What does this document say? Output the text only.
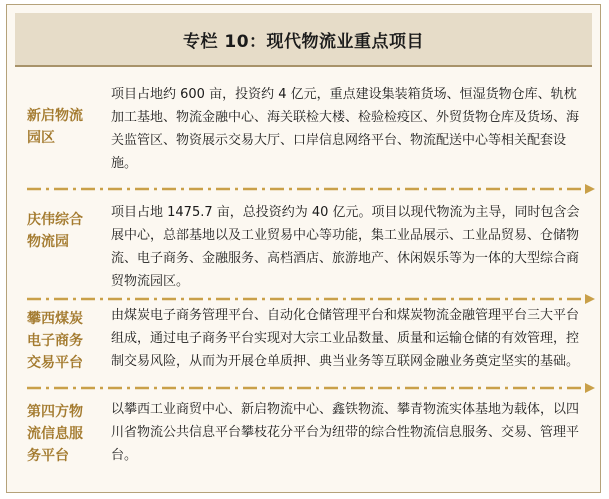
专栏 10：现代物流业重点项目
新启物流园区
项目占地约 600 亩，投资约 4 亿元，重点建设集装箱货场、恒湿货物仓库、轨枕加工基地、物流金融中心、海关联检大楼、检验检疫区、外贸货物仓库及货场、海关监管区、物资展示交易大厅、口岸信息网络平台、物流配送中心等相关配套设施。
庆伟综合物流园
项目占地 1475.7 亩，总投资约为 40 亿元。项目以现代物流为主导，同时包含会展中心，总部基地以及工业贸易中心等功能，集工业品展示、工业品贸易、仓储物流、电子商务、金融服务、高档酒店、旅游地产、休闲娱乐等为一体的大型综合商贸物流园区。
攀西煤炭电子商务交易平台
由煤炭电子商务管理平台、自动化仓储管理平台和煤炭物流金融管理平台三大平台组成，通过电子商务平台实现对大宗工业品数量、质量和运输仓储的有效管理，控制交易风险，从而为开展仓单质押、典当业务等互联网金融业务奠定坚实的基础。
第四方物流信息服务平台
以攀西工业商贸中心、新启物流中心、鑫铁物流、攀青物流实体基地为载体，以四川省物流公共信息平台攀枝花分平台为纽带的综合性物流信息服务、交易、管理平台。
